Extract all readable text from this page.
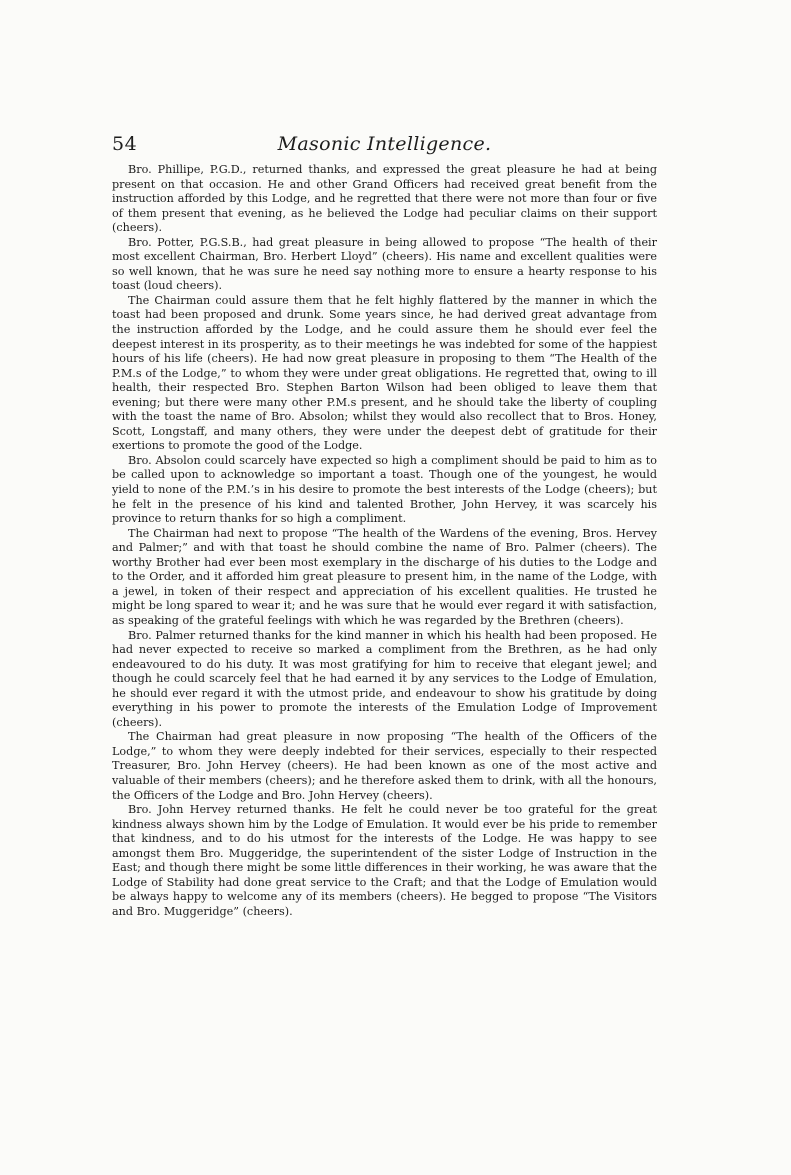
54	Masonic Intelligence.

Bro. Phillipe, P.G.D., returned thanks, and expressed the great pleasure he had at being present on that occasion. He and other Grand Officers had received great benefit from the instruction afforded by this Lodge, and he regretted that there were not more than four or five of them present that evening, as he believed the Lodge had peculiar claims on their support (cheers).

Bro. Potter, P.G.S.B., had great pleasure in being allowed to propose “The health of their most excellent Chairman, Bro. Herbert Lloyd” (cheers). His name and excellent qualities were so well known, that he was sure he need say nothing more to ensure a hearty response to his toast (loud cheers).

The Chairman could assure them that he felt highly flattered by the manner in which the toast had been proposed and drunk. Some years since, he had derived great advantage from the instruction afforded by the Lodge, and he could assure them he should ever feel the deepest interest in its prosperity, as to their meetings he was indebted for some of the happiest hours of his life (cheers). He had now great pleasure in proposing to them “The Health of the P.M.s of the Lodge,” to whom they were under great obligations. He regretted that, owing to ill health, their respected Bro. Stephen Barton Wilson had been obliged to leave them that evening; but there were many other P.M.s present, and he should take the liberty of coupling with the toast the name of Bro. Absolon; whilst they would also recollect that to Bros. Honey, Scott, Longstaff, and many others, they were under the deepest debt of gratitude for their exertions to promote the good of the Lodge.

Bro. Absolon could scarcely have expected so high a compliment should be paid to him as to be called upon to acknowledge so important a toast. Though one of the youngest, he would yield to none of the P.M.’s in his desire to promote the best interests of the Lodge (cheers); but he felt in the presence of his kind and talented Brother, John Hervey, it was scarcely his province to return thanks for so high a compliment.

The Chairman had next to propose “The health of the Wardens of the evening, Bros. Hervey and Palmer;” and with that toast he should combine the name of Bro. Palmer (cheers). The worthy Brother had ever been most exemplary in the discharge of his duties to the Lodge and to the Order, and it afforded him great pleasure to present him, in the name of the Lodge, with a jewel, in token of their respect and appreciation of his excellent qualities. He trusted he might be long spared to wear it; and he was sure that he would ever regard it with satisfaction, as speaking of the grateful feelings with which he was regarded by the Brethren (cheers).

Bro. Palmer returned thanks for the kind manner in which his health had been proposed. He had never expected to receive so marked a compliment from the Brethren, as he had only endeavoured to do his duty. It was most gratifying for him to receive that elegant jewel; and though he could scarcely feel that he had earned it by any services to the Lodge of Emulation, he should ever regard it with the utmost pride, and endeavour to show his gratitude by doing everything in his power to promote the interests of the Emulation Lodge of Improvement (cheers).

The Chairman had great pleasure in now proposing “The health of the Officers of the Lodge,” to whom they were deeply indebted for their services, especially to their respected Treasurer, Bro. John Hervey (cheers). He had been known as one of the most active and valuable of their members (cheers); and he therefore asked them to drink, with all the honours, the Officers of the Lodge and Bro. John Hervey (cheers).

Bro. John Hervey returned thanks. He felt he could never be too grateful for the great kindness always shown him by the Lodge of Emulation. It would ever be his pride to remember that kindness, and to do his utmost for the interests of the Lodge. He was happy to see amongst them Bro. Muggeridge, the superintendent of the sister Lodge of Instruction in the East; and though there might be some little differences in their working, he was aware that the Lodge of Stability had done great service to the Craft; and that the Lodge of Emulation would be always happy to welcome any of its members (cheers). He begged to propose “The Visitors and Bro. Muggeridge” (cheers).
